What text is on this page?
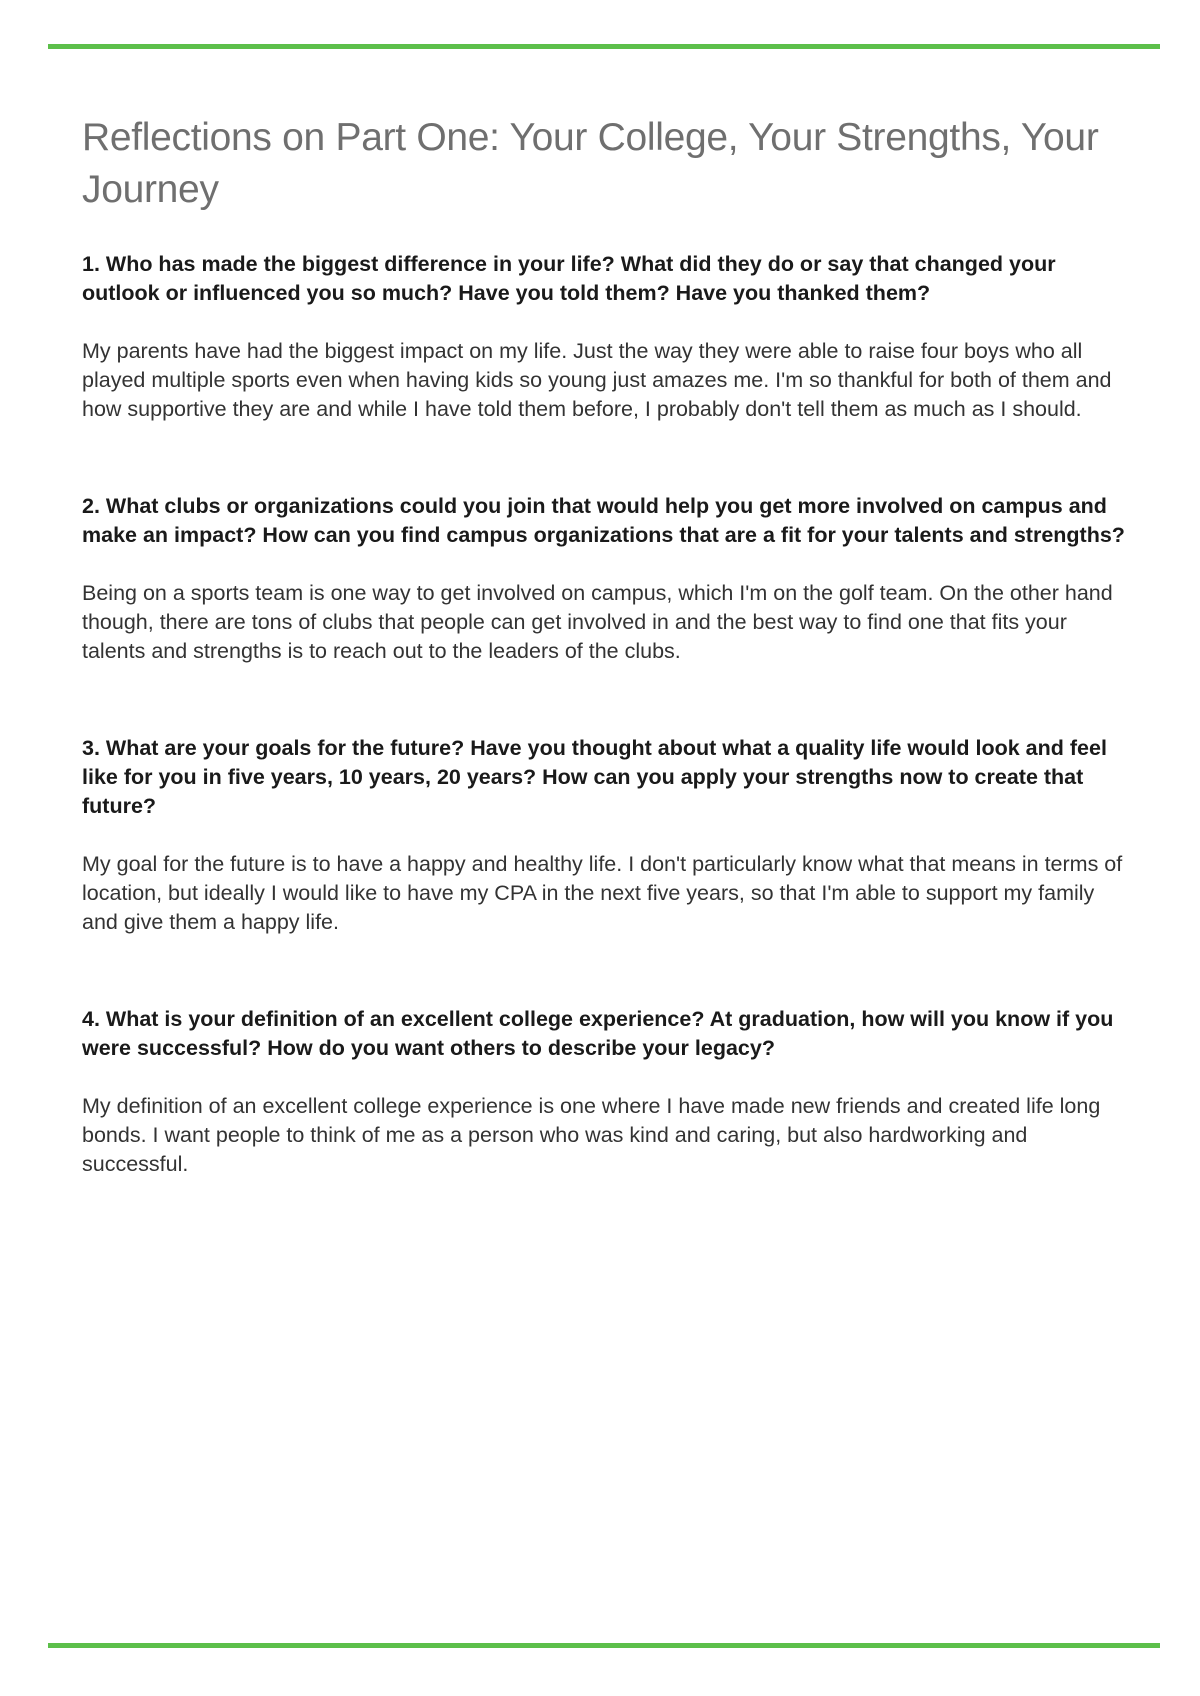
Reflections on Part One: Your College, Your Strengths, Your Journey

1. Who has made the biggest difference in your life? What did they do or say that changed your outlook or influenced you so much? Have you told them? Have you thanked them?

My parents have had the biggest impact on my life. Just the way they were able to raise four boys who all played multiple sports even when having kids so young just amazes me. I'm so thankful for both of them and how supportive they are and while I have told them before, I probably don't tell them as much as I should.

2. What clubs or organizations could you join that would help you get more involved on campus and make an impact? How can you find campus organizations that are a fit for your talents and strengths?

Being on a sports team is one way to get involved on campus, which I'm on the golf team. On the other hand though, there are tons of clubs that people can get involved in and the best way to find one that fits your talents and strengths is to reach out to the leaders of the clubs.

3. What are your goals for the future? Have you thought about what a quality life would look and feel like for you in five years, 10 years, 20 years? How can you apply your strengths now to create that future?

My goal for the future is to have a happy and healthy life. I don't particularly know what that means in terms of location, but ideally I would like to have my CPA in the next five years, so that I'm able to support my family and give them a happy life.

4. What is your definition of an excellent college experience? At graduation, how will you know if you were successful? How do you want others to describe your legacy?

My definition of an excellent college experience is one where I have made new friends and created life long bonds. I want people to think of me as a person who was kind and caring, but also hardworking and successful.
